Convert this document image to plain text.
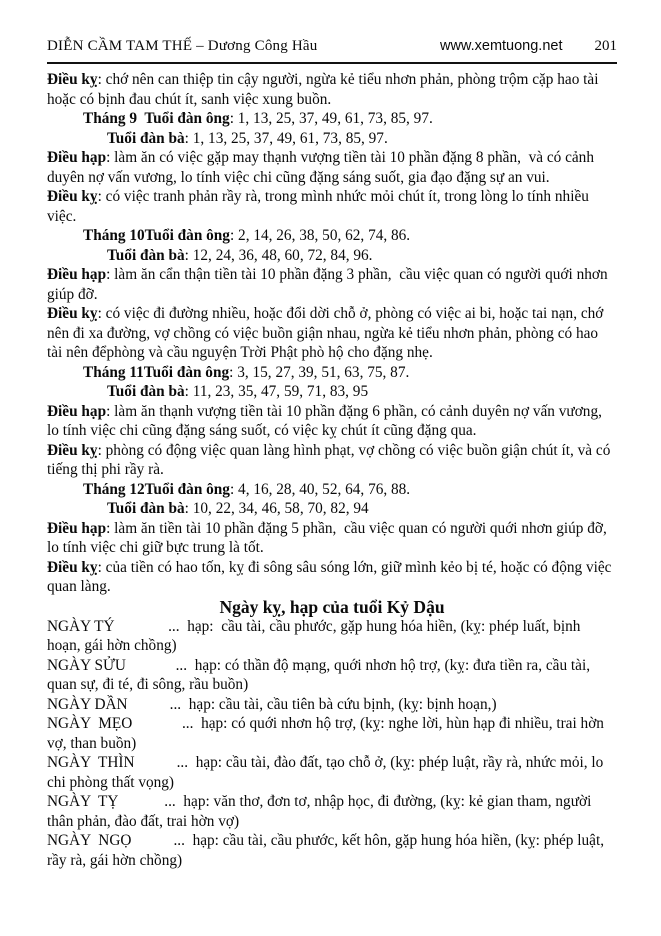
DIỄN CẦM TAM THẾ – Dương Công Hầu	www.xemtuong.net 201

Điều kỵ: chớ nên can thiệp tin cậy người, ngừa kẻ tiểu nhơn phản, phòng trộm cặp hao tài hoặc có bịnh đau chút ít, sanh việc xung buồn.

Tháng 9  Tuổi đàn ông: 1, 13, 25, 37, 49, 61, 73, 85, 97.

Tuổi đàn bà: 1, 13, 25, 37, 49, 61, 73, 85, 97.

Điều hạp: làm ăn có việc gặp may thạnh vượng tiền tài 10 phần đặng 8 phần,  và có cảnh duyên nợ vấn vương, lo tính việc chi cũng đặng sáng suốt, gia đạo đặng sự an vui.

Điều kỵ: có việc tranh phản rầy rà, trong mình nhức mỏi chút ít, trong lòng lo tính nhiều việc.

Tháng 10Tuổi đàn ông: 2, 14, 26, 38, 50, 62, 74, 86.

Tuổi đàn bà: 12, 24, 36, 48, 60, 72, 84, 96.

Điều hạp: làm ăn cẩn thận tiền tài 10 phần đặng 3 phần,  cầu việc quan có người quới nhơn giúp đỡ.

Điều kỵ: có việc đi đường nhiều, hoặc đổi dời chỗ ở, phòng có việc ai bi, hoặc tai nạn, chớ nên đi xa đường, vợ chồng có việc buồn giận nhau, ngừa kẻ tiểu nhơn phản, phòng có hao tài nên đểphòng và cầu nguyện Trời Phật phò hộ cho đặng nhẹ.

Tháng 11Tuổi đàn ông: 3, 15, 27, 39, 51, 63, 75, 87.

Tuổi đàn bà: 11, 23, 35, 47, 59, 71, 83, 95

Điều hạp: làm ăn thạnh vượng tiền tài 10 phần đặng 6 phần, có cảnh duyên nợ vấn vương, lo tính việc chi cũng đặng sáng suốt, có việc kỵ chút ít cũng đặng qua.

Điều kỵ: phòng có động việc quan làng hình phạt, vợ chồng có việc buồn giận chút ít, và có tiếng thị phi rầy rà.

Tháng 12Tuổi đàn ông: 4, 16, 28, 40, 52, 64, 76, 88.

Tuổi đàn bà: 10, 22, 34, 46, 58, 70, 82, 94

Điều hạp: làm ăn tiền tài 10 phần đặng 5 phần,  cầu việc quan có người quới nhơn giúp đỡ, lo tính việc chi giữ bực trung là tốt.

Điều kỵ: của tiền có hao tốn, kỵ đi sông sâu sóng lớn, giữ mình kẻo bị té, hoặc có động việc quan làng.

Ngày kỵ, hạp của tuổi Kỷ Dậu

NGÀY TÝ              ...  hạp:  cầu tài, cầu phước, gặp hung hóa hiền, (kỵ: phép luất, bịnh hoạn, gái hờn chồng)

NGÀY SỬU             ...  hạp: có thần độ mạng, quới nhơn hộ trợ, (kỵ: đưa tiền ra, cầu tài, quan sự, đi té, đi sông, rầu buồn)

NGÀY DẦN           ...  hạp: cầu tài, cầu tiên bà cứu bịnh, (kỵ: bịnh hoạn,)

NGÀY  MẸO             ...  hạp: có quới nhơn hộ trợ, (kỵ: nghe lời, hùn hạp đi nhiều, trai hờn vợ, than buồn)

NGÀY  THÌN           ...  hạp: cầu tài, đào đất, tạo chỗ ở, (kỵ: phép luật, rầy rà, nhức mỏi, lo chi phòng thất vọng)

NGÀY  TỴ            ...  hạp: văn thơ, đơn tơ, nhập học, đi đường, (kỵ: kẻ gian tham, người thân phản, đào đất, trai hờn vợ)

NGÀY  NGỌ           ...  hạp: cầu tài, cầu phước, kết hôn, gặp hung hóa hiền, (kỵ: phép luật, rầy rà, gái hờn chồng)
